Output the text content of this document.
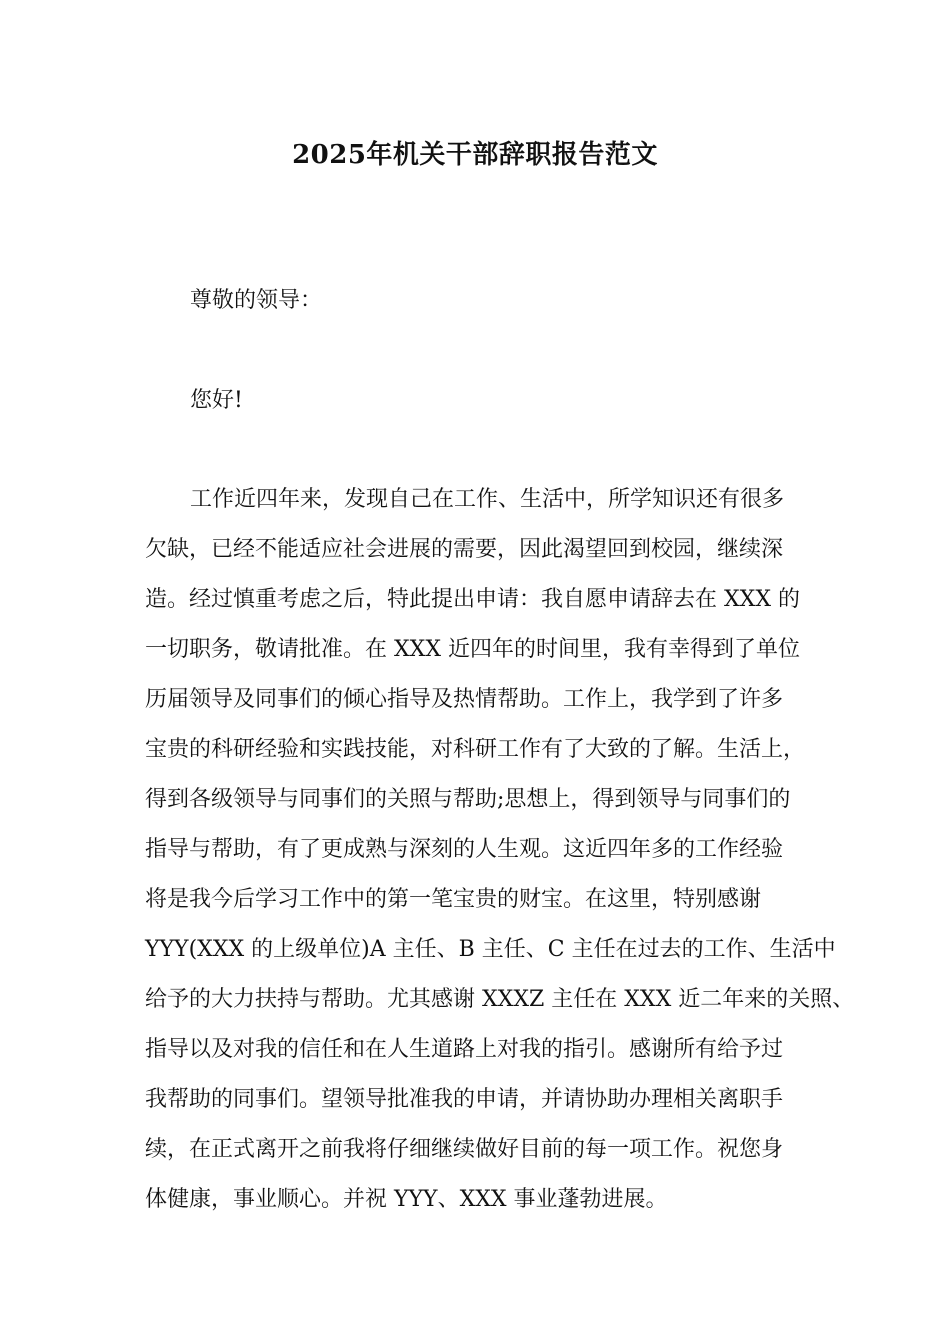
2025年机关干部辞职报告范文
尊敬的领导：
您好!
工作近四年来，发现自己在工作、生活中，所学知识还有很多
欠缺，已经不能适应社会进展的需要，因此渴望回到校园，继续深
造。经过慎重考虑之后，特此提出申请：我自愿申请辞去在 XXX 的
一切职务，敬请批准。在 XXX 近四年的时间里，我有幸得到了单位
历届领导及同事们的倾心指导及热情帮助。工作上，我学到了许多
宝贵的科研经验和实践技能，对科研工作有了大致的了解。生活上，
得到各级领导与同事们的关照与帮助;思想上，得到领导与同事们的
指导与帮助，有了更成熟与深刻的人生观。这近四年多的工作经验
将是我今后学习工作中的第一笔宝贵的财宝。在这里，特别感谢
YYY(XXX 的上级单位)A 主任、B 主任、C 主任在过去的工作、生活中
给予的大力扶持与帮助。尤其感谢 XXXZ 主任在 XXX 近二年来的关照、
指导以及对我的信任和在人生道路上对我的指引。感谢所有给予过
我帮助的同事们。望领导批准我的申请，并请协助办理相关离职手
续，在正式离开之前我将仔细继续做好目前的每一项工作。祝您身
体健康，事业顺心。并祝 YYY、XXX 事业蓬勃进展。
